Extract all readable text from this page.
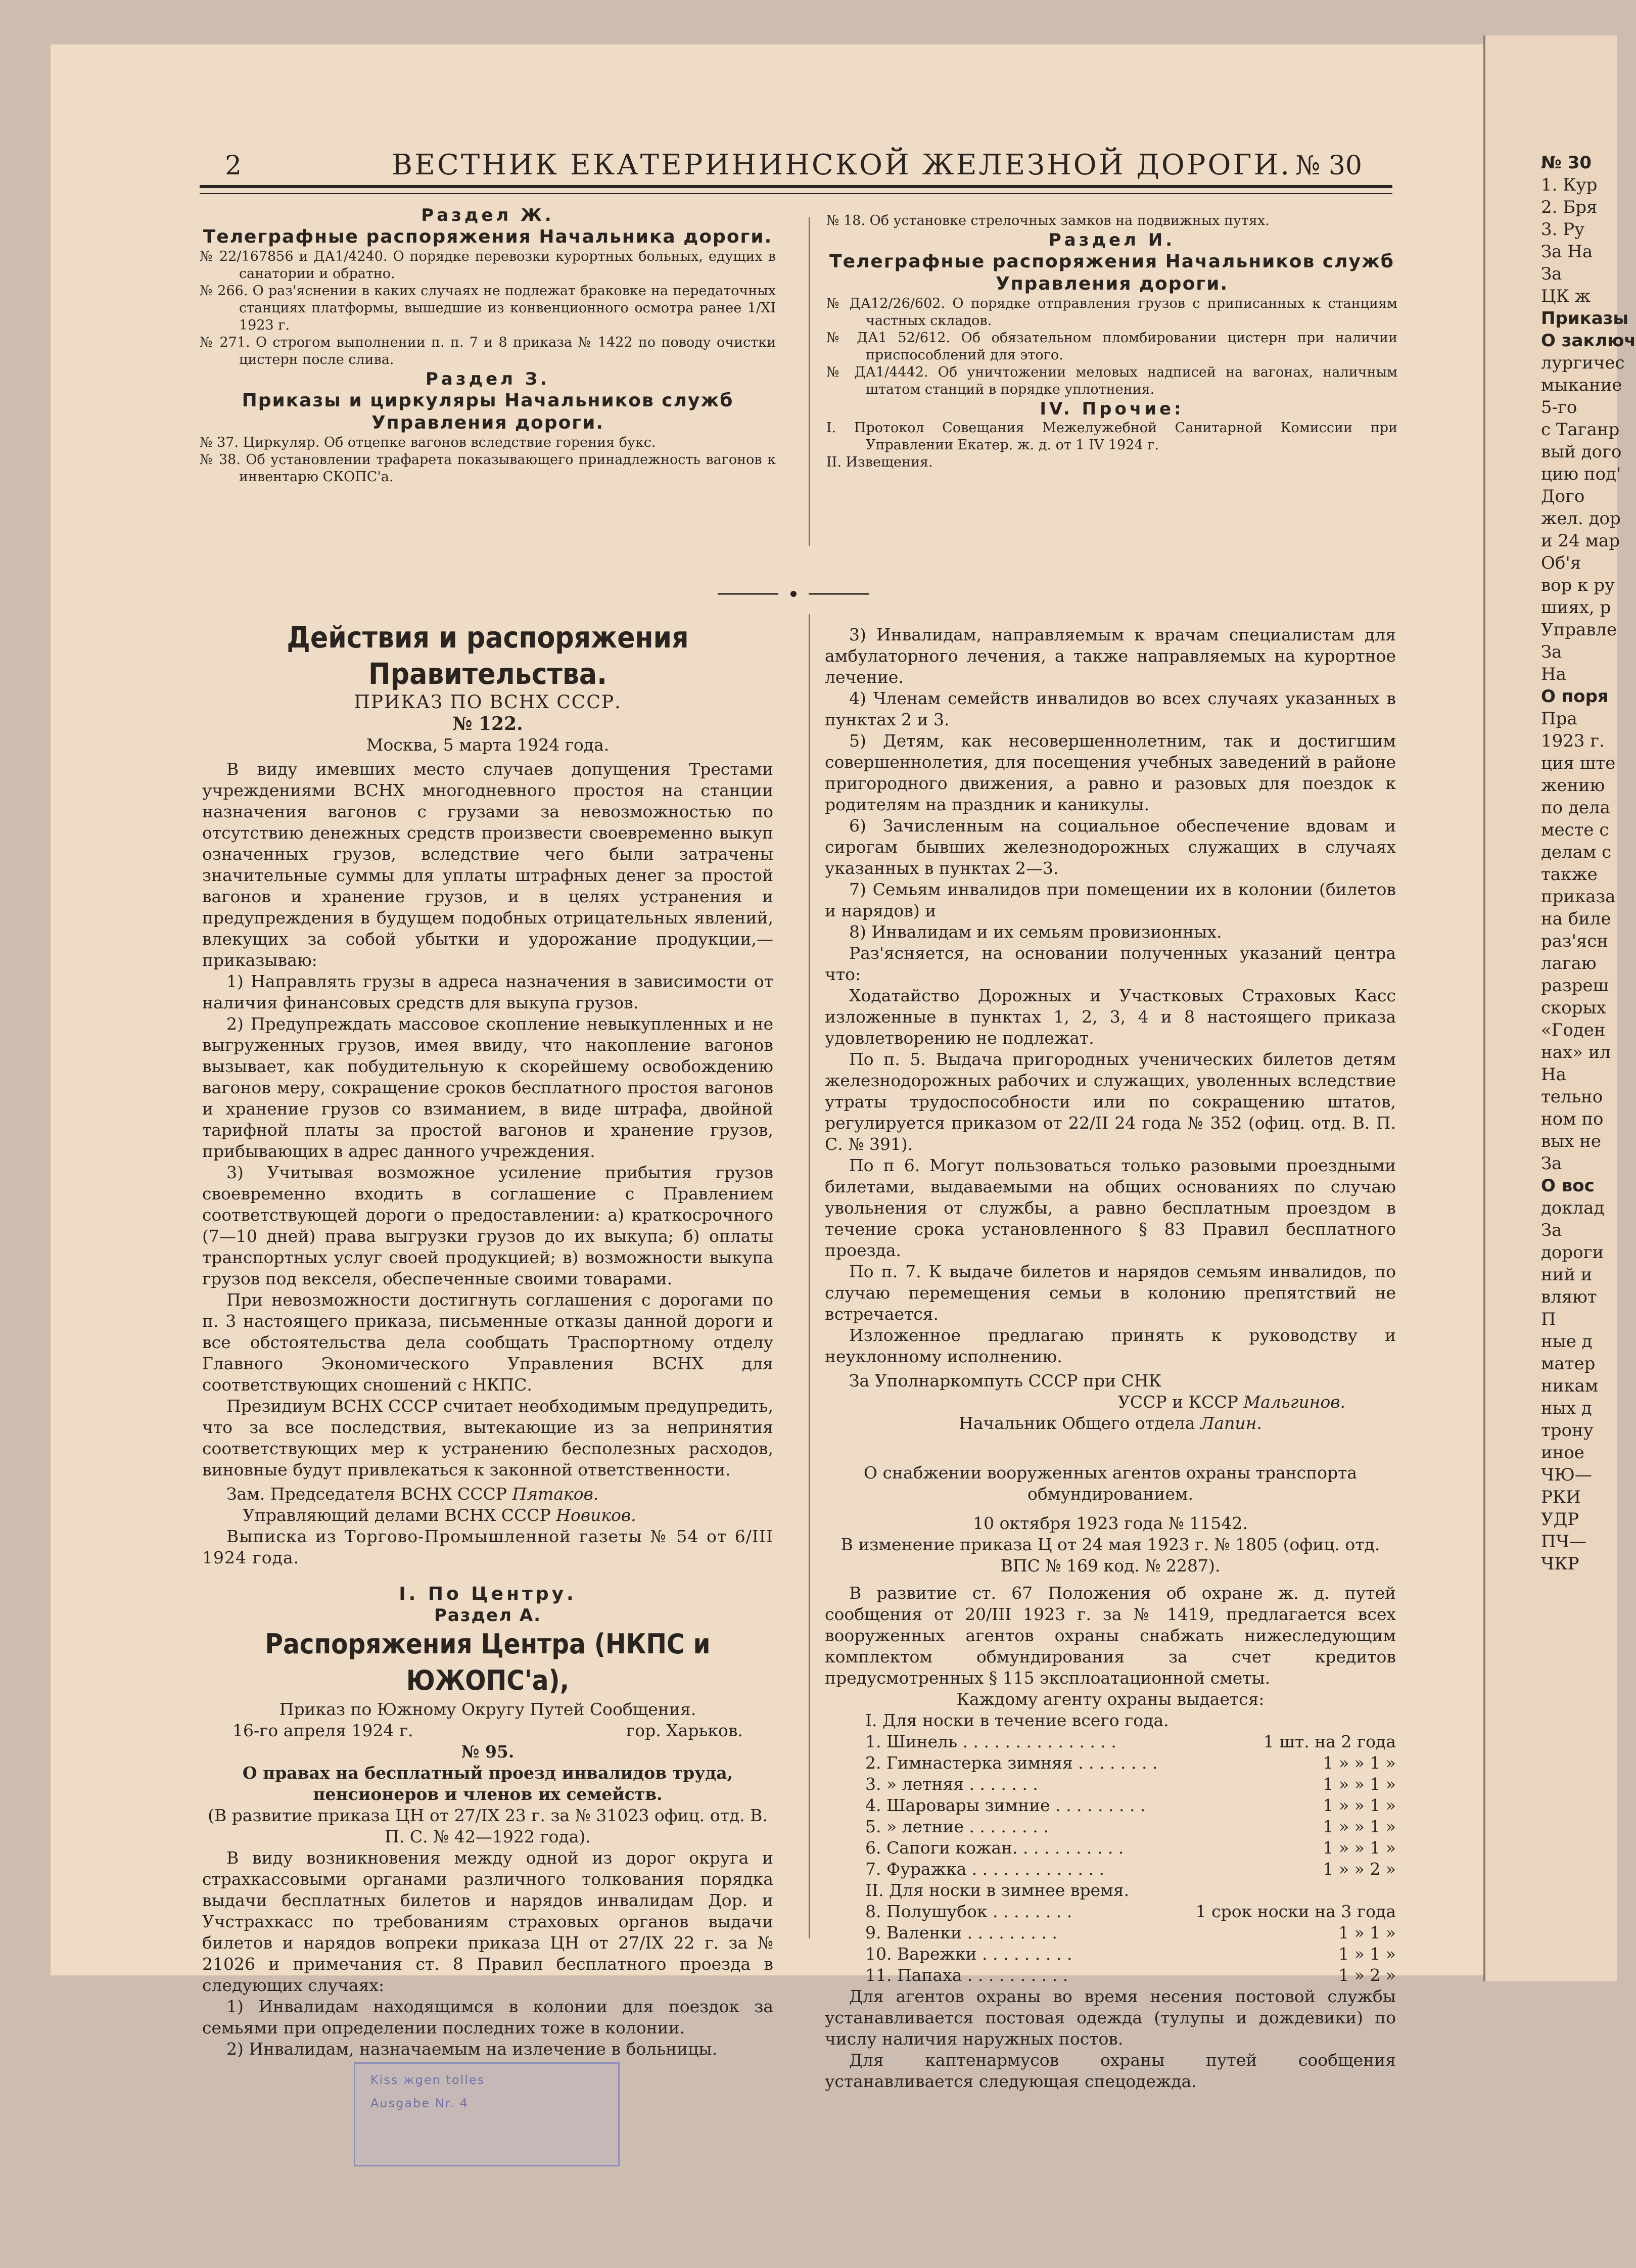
№ 30

1. Кур

2. Бря

3. Ру

За На

За

ЦК ж

Приказы

О заключ

лургичес

мыкание

5-го

с Таганр

вый дого

цию под'

Дого

жел. дор

и 24 мар

Об'я

вор к ру

шиях, р

Управле

За

На

О поря

Пра

1923 г.

ция ште

жению

по дела

месте с

делам с

также

приказа

на биле

раз'ясн

лагаю

разреш

скорых

«Годен

нах» ил

На

тельно

ном по

вых не

За

О вос

доклад

За

дороги

ний и

вляют

П

ные д

матер

никам

ных д

трону

иное

ЧЮ—

РКИ

УДР

ПЧ—

ЧКР

2	ВЕСТНИК ЕКАТЕРИНИНСКОЙ ЖЕЛЕЗНОЙ ДОРОГИ. № 30

Раздел Ж.

Телеграфные распоряжения Начальника дороги.

№ 22/167856 и ДА1/4240. О порядке перевозки курортных больных, едущих в санатории и обратно.

№ 266. О раз'яснении в каких случаях не подлежат браковке на передаточных станциях платформы, вышедшие из конвенционного осмотра ранее 1/XI 1923 г.

№ 271. О строгом выполнении п. п. 7 и 8 приказа № 1422 по поводу очистки цистерн после слива.

Раздел З.

Приказы и циркуляры Начальников служб Управления дороги.

№ 37. Циркуляр. Об отцепке вагонов вследствие горения букс.

№ 38. Об установлении трафарета показывающего принадлежность вагонов к инвентарю СКОПС'а.

№ 18. Об установке стрелочных замков на подвижных путях.

Раздел И.

Телеграфные распоряжения Начальников служб Управления дороги.

№ ДА12/26/602. О порядке отправления грузов с приписанных к станциям частных складов.

№ ДА1 52/612. Об обязательном пломбировании цистерн при наличии приспособлений для этого.

№ ДА1/4442. Об уничтожении меловых надписей на вагонах, наличным штатом станций в порядке уплотнения.

IV. Прочие:

I. Протокол Совещания Межелужебной Санитарной Комиссии при Управлении Екатер. ж. д. от 1 IV 1924 г.

II. Извещения.

Действия и распоряжения Правительства.

ПРИКАЗ ПО ВСНХ СССР.

№ 122.

Москва, 5 марта 1924 года.

В виду имевших место случаев допущения Трестами учреждениями ВСНХ многодневного простоя на станции назначения вагонов с грузами за невозможностью по отсутствию денежных средств произвести своевременно выкуп означенных грузов, вследствие чего были затрачены значительные суммы для уплаты штрафных денег за простой вагонов и хранение грузов, и в целях устранения и предупреждения в будущем подобных отрицательных явлений, влекущих за собой убытки и удорожание продукции,— приказываю:

1) Направлять грузы в адреса назначения в зависимости от наличия финансовых средств для выкупа грузов.

2) Предупреждать массовое скопление невыкупленных и не выгруженных грузов, имея ввиду, что накопление вагонов вызывает, как побудительную к скорейшему освобождению вагонов меру, сокращение сроков бесплатного простоя вагонов и хранение грузов со взиманием, в виде штрафа, двойной тарифной платы за простой вагонов и хранение грузов, прибывающих в адрес данного учреждения.

3) Учитывая возможное усиление прибытия грузов своевременно входить в соглашение с Правлением соответствующей дороги о предоставлении: а) краткосрочного (7—10 дней) права выгрузки грузов до их выкупа; б) оплаты транспортных услуг своей продукцией; в) возможности выкупа грузов под векселя, обеспеченные своими товарами.

При невозможности достигнуть соглашения с дорогами по п. 3 настоящего приказа, письменные отказы данной дороги и все обстоятельства дела сообщать Траспортному отделу Главного Экономического Управления ВСНХ для соответствующих сношений с НКПС.

Президиум ВСНХ СССР считает необходимым предупредить, что за все последствия, вытекающие из за непринятия соответствующих мер к устранению бесполезных расходов, виновные будут привлекаться к законной ответственности.

Зам. Председателя ВСНХ СССР Пятаков.

Управляющий делами ВСНХ СССР Новиков.

Выписка из Торгово-Промышленной газеты № 54 от 6/III 1924 года.

I. По Центру.

Раздел А.

Распоряжения Центра (НКПС и ЮЖОПС'а),

Приказ по Южному Округу Путей Сообщения.

16-го апреля 1924 г.	гор. Харьков.

№ 95.

О правах на бесплатный проезд инвалидов труда, пенсионеров и членов их семейств.

(В развитие приказа ЦН от 27/IX 23 г. за № 31023 офиц. отд. В. П. С. № 42—1922 года).

В виду возникновения между одной из дорог округа и страхкассовыми органами различного толкования порядка выдачи бесплатных билетов и нарядов инвалидам Дор. и Учстрахкасс по требованиям страховых органов выдачи билетов и нарядов вопреки приказа ЦН от 27/IX 22 г. за № 21026 и примечания ст. 8 Правил бесплатного проезда в следующих случаях:

1) Инвалидам находящимся в колонии для поездок за семьями при определении последних тоже в колонии.

2) Инвалидам, назначаемым на излечение в больницы.

3) Инвалидам, направляемым к врачам специалистам для амбулаторного лечения, а также направляемых на курортное лечение.

4) Членам семейств инвалидов во всех случаях указанных в пунктах 2 и 3.

5) Детям, как несовершеннолетним, так и достигшим совершеннолетия, для посещения учебных заведений в районе пригородного движения, а равно и разовых для поездок к родителям на праздник и каникулы.

6) Зачисленным на социальное обеспечение вдовам и сирогам бывших железнодорожных служащих в случаях указанных в пунктах 2—3.

7) Семьям инвалидов при помещении их в колонии (билетов и нарядов) и

8) Инвалидам и их семьям провизионных.

Раз'ясняется, на основании полученных указаний центра что:

Ходатайство Дорожных и Участковых Страховых Касс изложенные в пунктах 1, 2, 3, 4 и 8 настоящего приказа удовлетворению не подлежат.

По п. 5. Выдача пригородных ученических билетов детям железнодорожных рабочих и служащих, уволенных вследствие утраты трудоспособности или по сокращению штатов, регулируется приказом от 22/II 24 года № 352 (офиц. отд. В. П. С. № 391).

По п 6. Могут пользоваться только разовыми проездными билетами, выдаваемыми на общих основаниях по случаю увольнения от службы, а равно бесплатным проездом в течение срока установленного § 83 Правил бесплатного проезда.

По п. 7. К выдаче билетов и нарядов семьям инвалидов, по случаю перемещения семьи в колонию препятствий не встречается.

Изложенное предлагаю принять к руководству и неуклонному исполнению.

За Уполнаркомпуть СССР при СНК

УССР и КССР Мальгинов.

Начальник Общего отдела Лапин.

О снабжении вооруженных агентов охраны транспорта обмундированием.

10 октября 1923 года № 11542.

В изменение приказа Ц от 24 мая 1923 г. № 1805 (офиц. отд. ВПС № 169 код. № 2287).

В развитие ст. 67 Положения об охране ж. д. путей сообщения от 20/III 1923 г. за № 1419, предлагается всех вооруженных агентов охраны снабжать нижеследующим комплектом обмундирования за счет кредитов предусмотренных § 115 эксплоатационной сметы.

Каждому агенту охраны выдается:

I. Для носки в течение всего года.

1. Шинель . . . . . . . . . . . . . . .	1 шт. на 2 года

2. Гимнастерка зимняя . . . . . . . .	1 » » 1 »

3. » летняя . . . . . . .	1 » » 1 »

4. Шаровары зимние . . . . . . . . .	1 » » 1 »

5. » летние . . . . . . . .	1 » » 1 »

6. Сапоги кожан. . . . . . . . . . .	1 » » 1 »

7. Фуражка . . . . . . . . . . . . .	1 » » 2 »

II. Для носки в зимнее время.

8. Полушубок . . . . . . . .	1 срок носки на 3 года

9. Валенки . . . . . . . . .	1 » 1 »

10. Варежки . . . . . . . . .	1 » 1 »

11. Папаха . . . . . . . . . .	1 » 2 »

Для агентов охраны во время несения постовой службы устанавливается постовая одежда (тулупы и дождевики) по числу наличия наружных постов.

Для каптенармусов охраны путей сообщения устанавливается следующая спецодежда.

Kiss жgen tolles
Ausgabe Nr. 4
